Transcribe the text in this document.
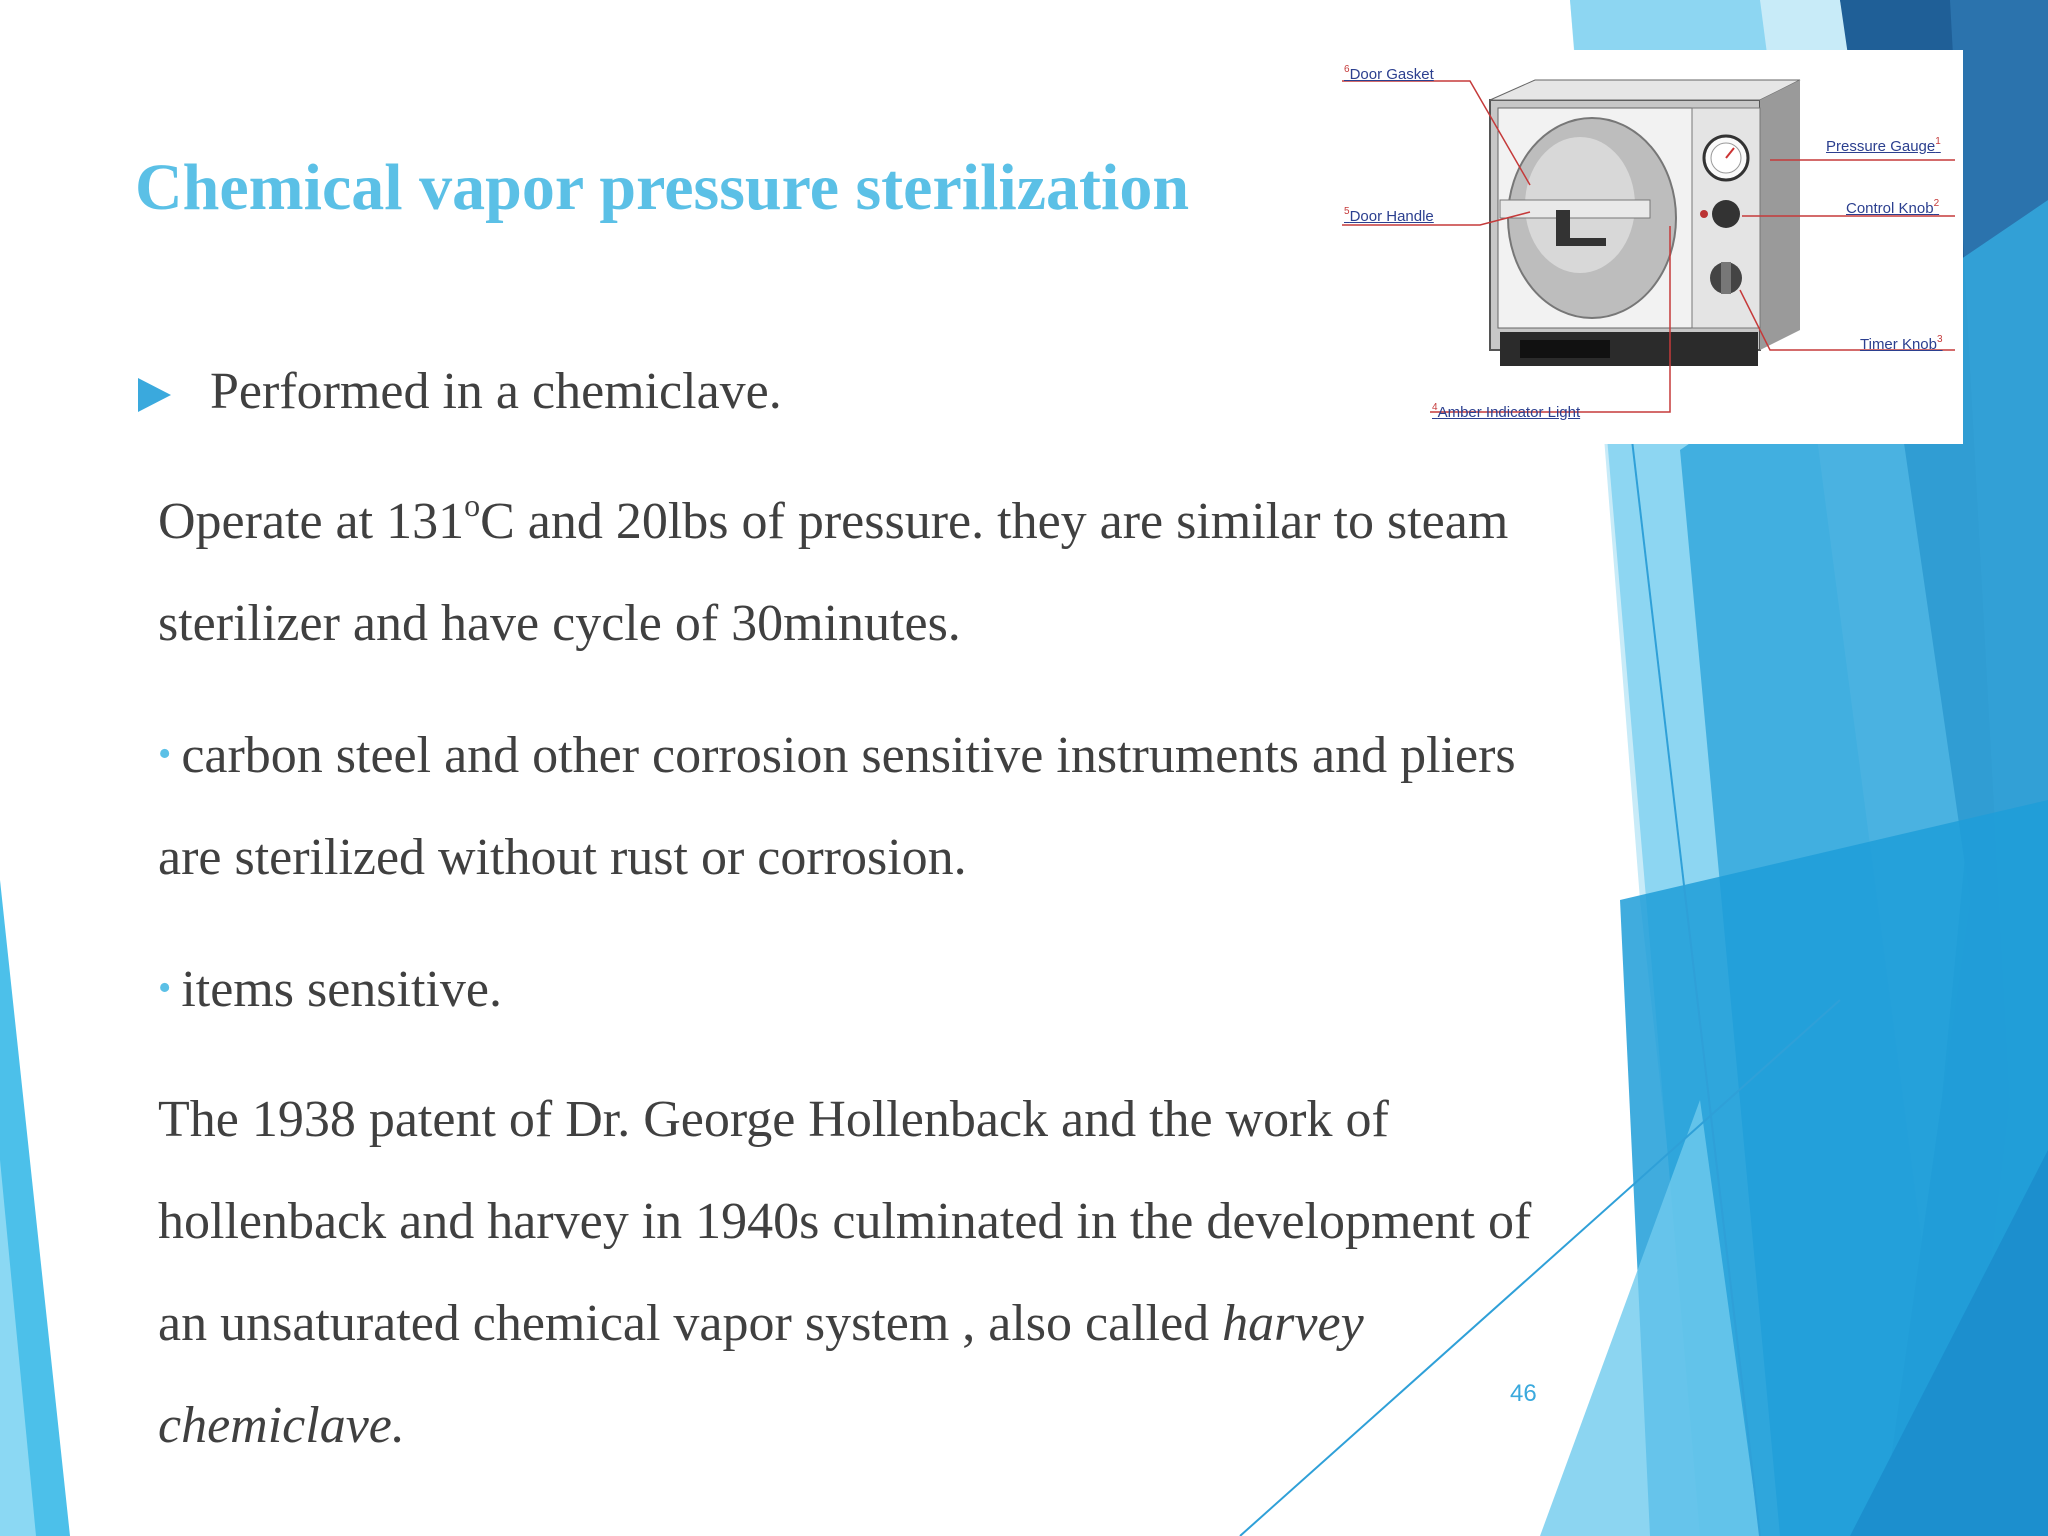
Chemical vapor pressure sterilization
Performed in a chemiclave.
Operate at 131$^o$C and 20lbs of pressure. they are similar to steam
sterilizer and have cycle of 30minutes.
• carbon steel and other corrosion sensitive instruments and pliers
are sterilized without rust or corrosion.
• items sensitive.
The 1938 patent of Dr. George Hollenback and the work of
hollenback and harvey in 1940s culminated in the development of
an unsaturated chemical vapor system , also called harvey
chemiclave.
46
$^6$Door Gasket
Pressure Gauge$^1$
$^5$Door Handle	Control Knob$^2$
Timer Knob$^3$
$^4$Amber Indicator Light
